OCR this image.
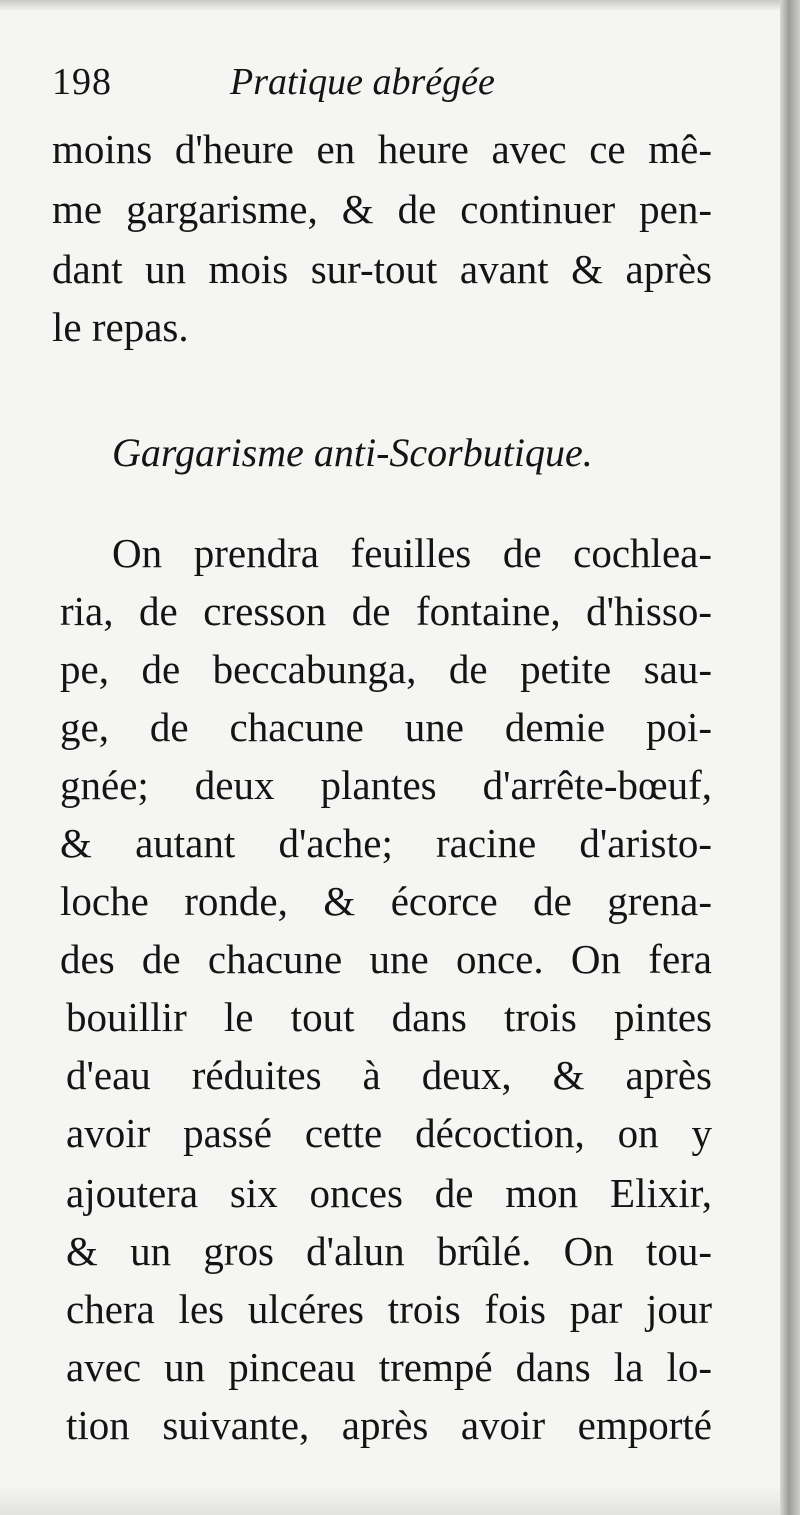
198	Pratique abrégée
moins d'heure en heure avec ce mê-
me gargarisme, & de continuer pen-
dant un mois sur-tout avant & après
le repas.
Gargarisme anti-Scorbutique.
On prendra feuilles de cochlea-
ria, de cresson de fontaine, d'hisso-
pe, de beccabunga, de petite sau-
ge, de chacune une demie poi-
gnée; deux plantes d'arrête-bœuf,
& autant d'ache; racine d'aristo-
loche ronde, & écorce de grena-
des de chacune une once. On fera
bouillir le tout dans trois pintes
d'eau réduites à deux, & après
avoir passé cette décoction, on y
ajoutera six onces de mon Elixir,
& un gros d'alun brûlé. On tou-
chera les ulcéres trois fois par jour
avec un pinceau trempé dans la lo-
tion suivante, après avoir emporté
